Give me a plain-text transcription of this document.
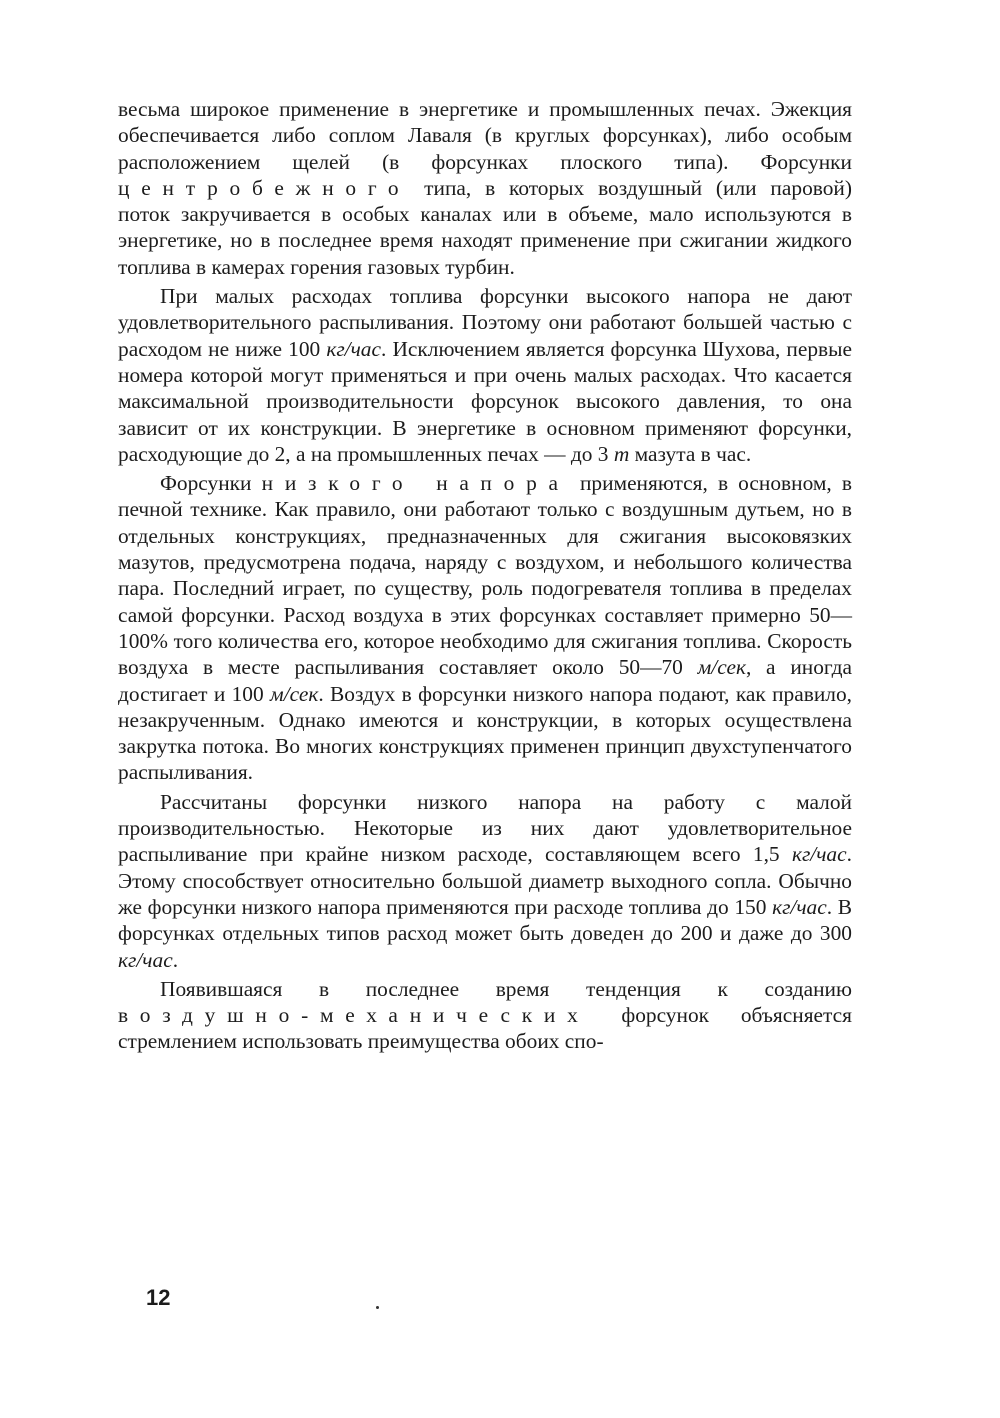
весьма широкое применение в энергетике и промышленных печах. Эжекция обеспечивается либо соплом Лаваля (в круглых форсунках), либо особым расположением щелей (в форсунках плоского типа). Форсунки центробежного типа, в которых воздушный (или паровой) поток закручивается в особых каналах или в объеме, мало используются в энергетике, но в последнее время находят применение при сжигании жидкого топлива в камерах горения газовых турбин.

При малых расходах топлива форсунки высокого напора не дают удовлетворительного распыливания. Поэтому они работают большей частью с расходом не ниже 100 кг/час. Исключением является форсунка Шухова, первые номера которой могут применяться и при очень малых расходах. Что касается максимальной производительности форсунок высокого давления, то она зависит от их конструкции. В энергетике в основном применяют форсунки, расходующие до 2, а на промышленных печах — до 3 т мазута в час.

Форсунки низкого напора применяются, в основном, в печной технике. Как правило, они работают только с воздушным дутьем, но в отдельных конструкциях, предназначенных для сжигания высоковязких мазутов, предусмотрена подача, наряду с воздухом, и небольшого количества пара. Последний играет, по существу, роль подогревателя топлива в пределах самой форсунки. Расход воздуха в этих форсунках составляет примерно 50—100% того количества его, которое необходимо для сжигания топлива. Скорость воздуха в месте распыливания составляет около 50—70 м/сек, а иногда достигает и 100 м/сек. Воздух в форсунки низкого напора подают, как правило, незакрученным. Однако имеются и конструкции, в которых осуществлена закрутка потока. Во многих конструкциях применен принцип двухступенчатого распыливания.

Рассчитаны форсунки низкого напора на работу с малой производительностью. Некоторые из них дают удовлетворительное распыливание при крайне низком расходе, составляющем всего 1,5 кг/час. Этому способствует относительно большой диаметр выходного сопла. Обычно же форсунки низкого напора применяются при расходе топлива до 150 кг/час. В форсунках отдельных типов расход может быть доведен до 200 и даже до 300 кг/час.

Появившаяся в последнее время тенденция к созданию воздушно-механических форсунок объясняется стремлением использовать преимущества обоих спо-

12
